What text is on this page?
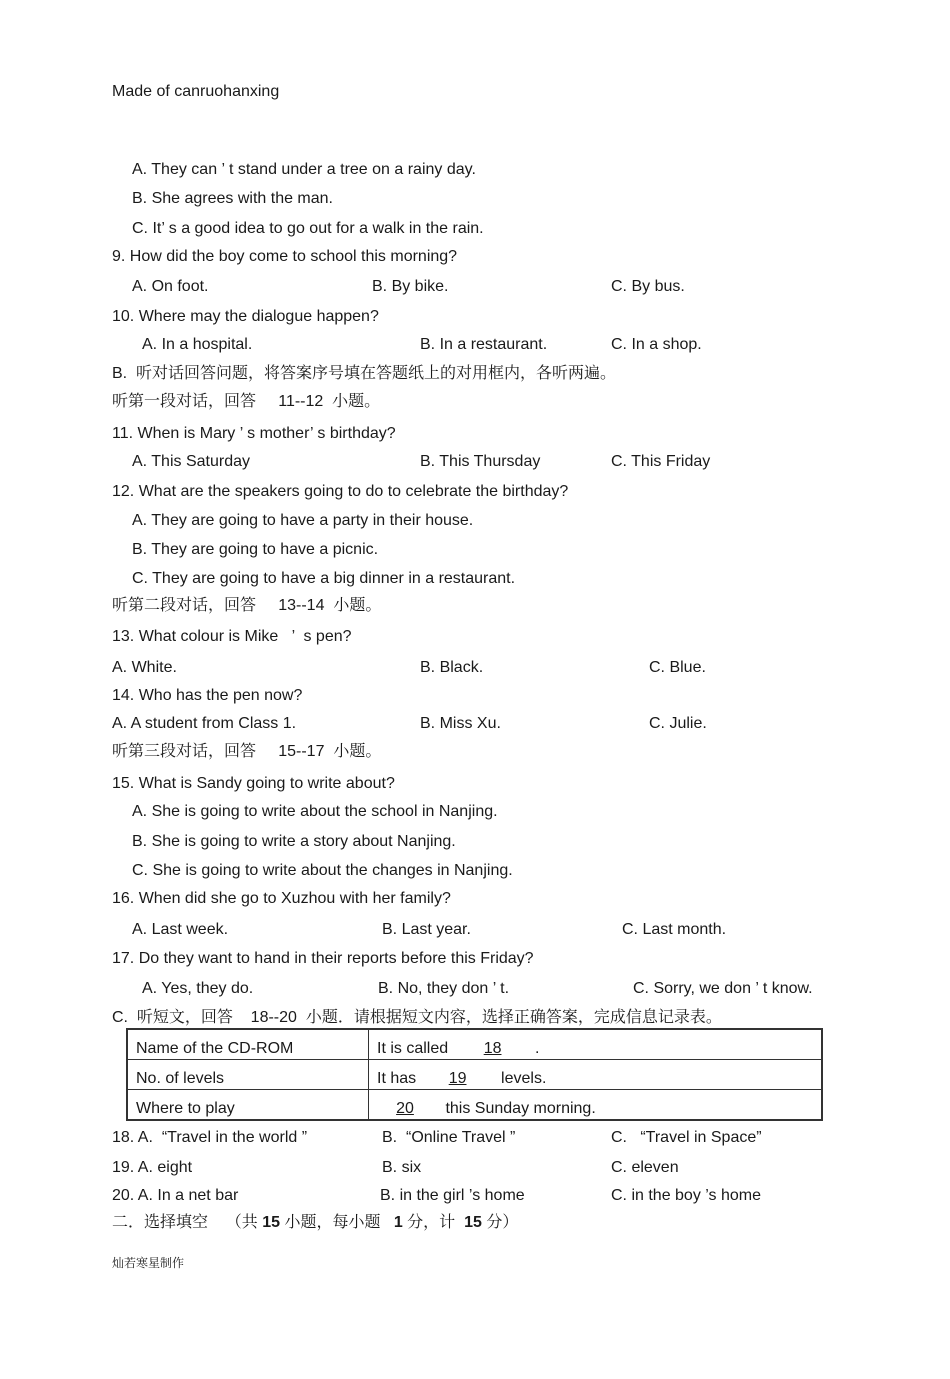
Made of canruohanxing
A. They can ’ t stand under a tree on a rainy day.
B. She agrees with the man.
C. It’ s a good idea to go out for a walk in the rain.
9. How did the boy come to school this morning?
A. On foot.	B. By bike.	C. By bus.
10. Where may the dialogue happen?
A. In a hospital.	B. In a restaurant.	C. In a shop.
B.  听对话回答问题，将答案序号填在答题纸上的对用框内，各听两遍。
听第一段对话，回答     11--12  小题。
11. When is Mary ’ s mother’ s birthday?
A. This Saturday	B. This Thursday	C. This Friday
12. What are the speakers going to do to celebrate the birthday?
A. They are going to have a party in their house.
B. They are going to have a picnic.
C. They are going to have a big dinner in a restaurant.
听第二段对话，回答     13--14  小题。
13. What colour is Mike   ’  s pen?
A. White.	B. Black.	C. Blue.
14. Who has the pen now?
A. A student from Class 1.	B. Miss Xu.	C. Julie.
听第三段对话，回答     15--17  小题。
15. What is Sandy going to write about?
A. She is going to write about the school in Nanjing.
B. She is going to write a story about Nanjing.
C. She is going to write about the changes in Nanjing.
16. When did she go to Xuzhou with her family?
A. Last week.	B. Last year.	C. Last month.
17. Do they want to hand in their reports before this Friday?
A. Yes, they do.	B. No, they don ’ t.	C. Sorry, we don ’ t know.
C.  听短文，回答    18--20  小题．请根据短文内容，选择正确答案，完成信息记录表。
Name of the CD-ROM	It is called 18 .
No. of levels	It has 19 levels.
Where to play	20 this Sunday morning.
18. A.  “Travel in the world ”	B.  “Online Travel ”	C.   “Travel in Space”
19. A. eight	B. six	C. eleven
20. A. In a net bar	B. in the girl ’s home	C. in the boy ’s home
二．选择填空    （共 15 小题，每小题   1 分，计  15 分）
灿若寒星制作
